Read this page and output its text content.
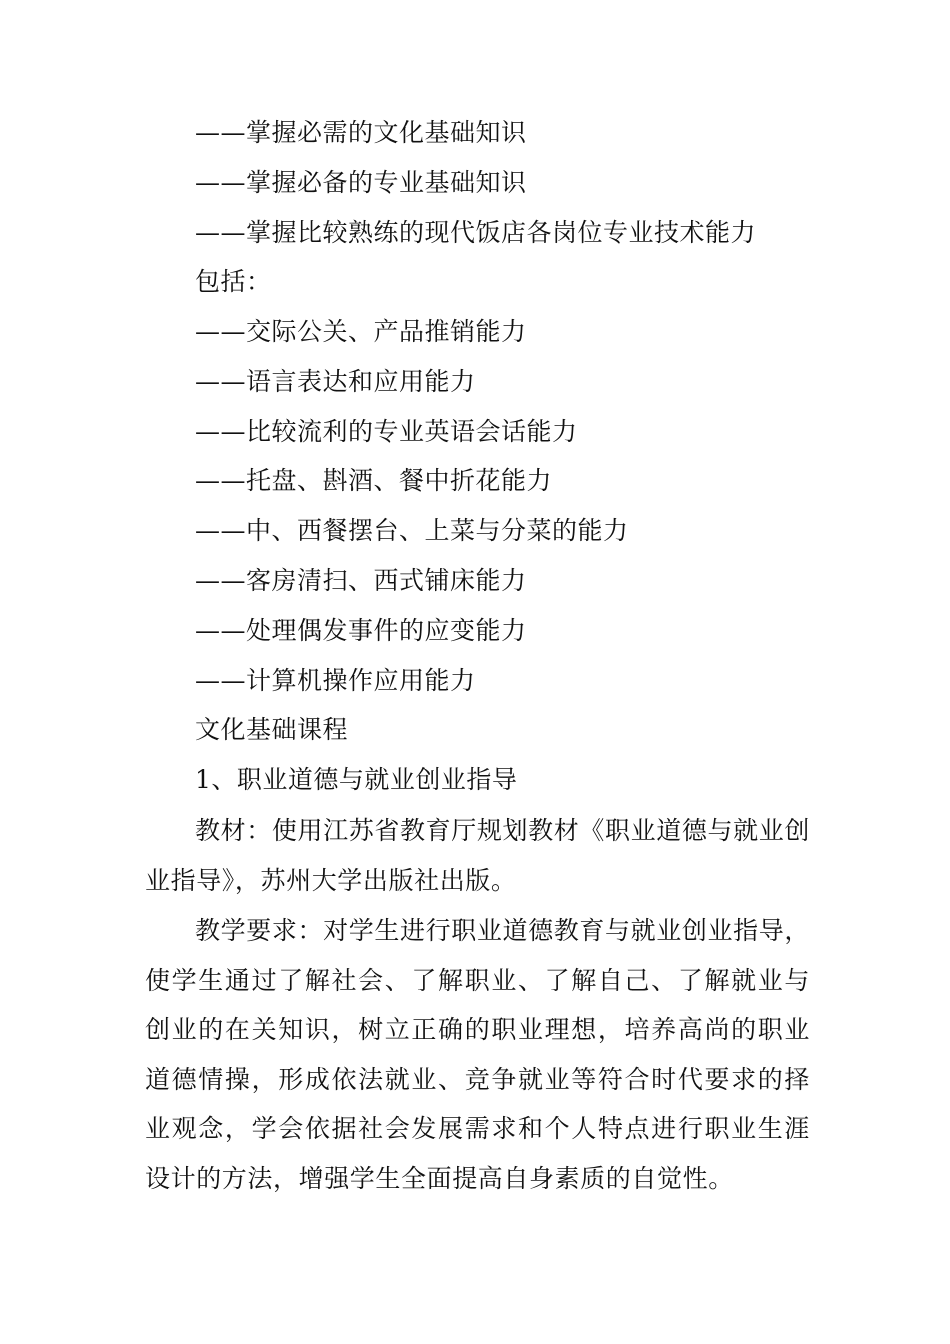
——掌握必需的文化基础知识
——掌握必备的专业基础知识
——掌握比较熟练的现代饭店各岗位专业技术能力
包括：
——交际公关、产品推销能力
——语言表达和应用能力
——比较流利的专业英语会话能力
——托盘、斟酒、餐中折花能力
——中、西餐摆台、上菜与分菜的能力
——客房清扫、西式铺床能力
——处理偶发事件的应变能力
——计算机操作应用能力
文化基础课程
1、职业道德与就业创业指导
教材：使用江苏省教育厅规划教材《职业道德与就业创业指导》，苏州大学出版社出版。
教学要求：对学生进行职业道德教育与就业创业指导，使学生通过了解社会、了解职业、了解自己、了解就业与创业的在关知识，树立正确的职业理想，培养高尚的职业道德情操，形成依法就业、竞争就业等符合时代要求的择业观念，学会依据社会发展需求和个人特点进行职业生涯设计的方法，增强学生全面提高自身素质的自觉性。
